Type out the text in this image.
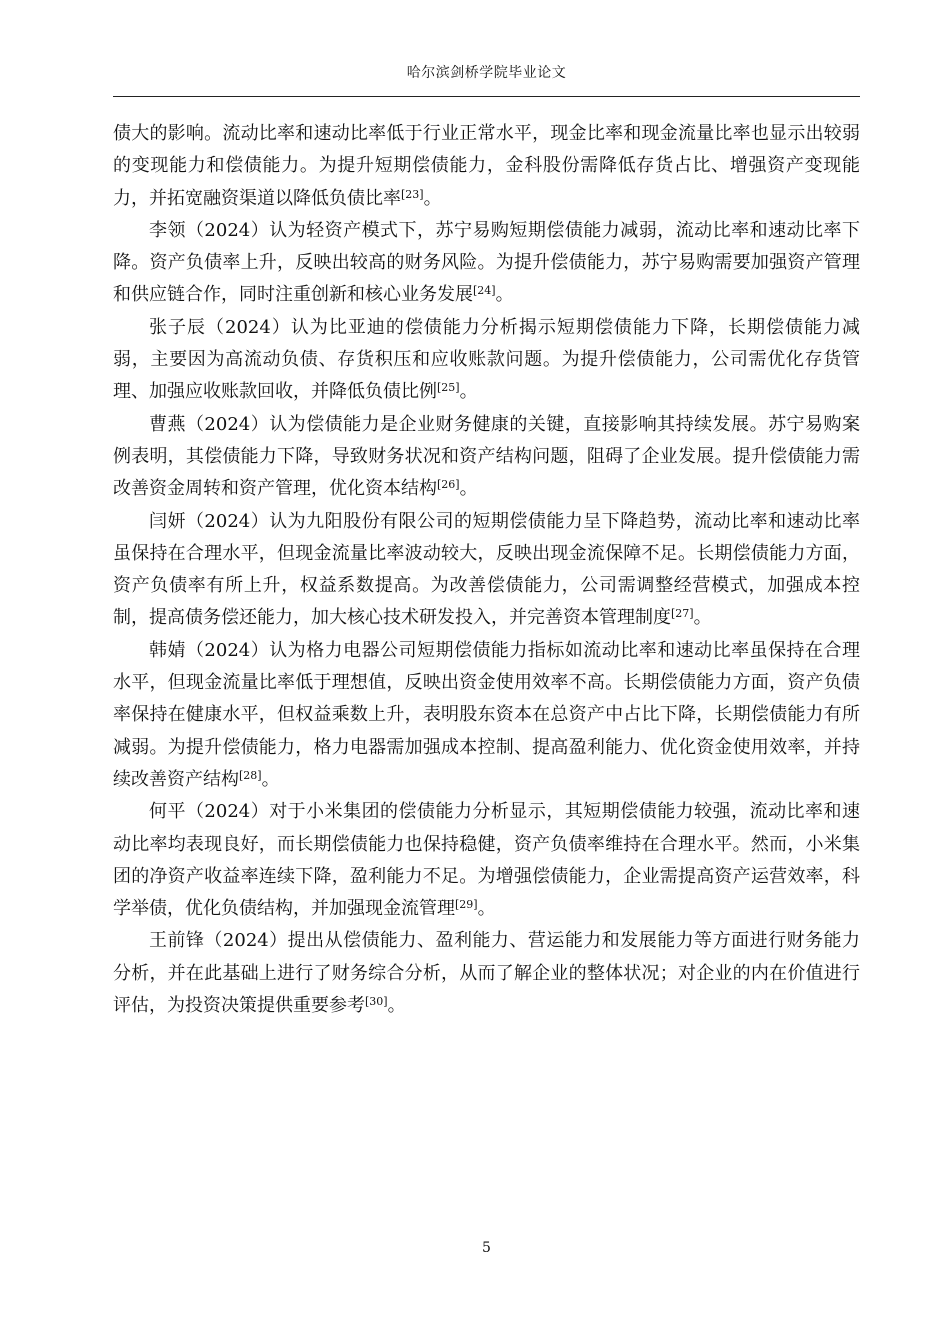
哈尔滨剑桥学院毕业论文

债大的影响。流动比率和速动比率低于行业正常水平，现金比率和现金流量比率也显示出较弱的变现能力和偿债能力。为提升短期偿债能力，金科股份需降低存货占比、增强资产变现能力，并拓宽融资渠道以降低负债比率[23]。

李领（2024）认为轻资产模式下，苏宁易购短期偿债能力减弱，流动比率和速动比率下降。资产负债率上升，反映出较高的财务风险。为提升偿债能力，苏宁易购需要加强资产管理和供应链合作，同时注重创新和核心业务发展[24]。

张子辰（2024）认为比亚迪的偿债能力分析揭示短期偿债能力下降，长期偿债能力减弱，主要因为高流动负债、存货积压和应收账款问题。为提升偿债能力，公司需优化存货管理、加强应收账款回收，并降低负债比例[25]。

曹燕（2024）认为偿债能力是企业财务健康的关键，直接影响其持续发展。苏宁易购案例表明，其偿债能力下降，导致财务状况和资产结构问题，阻碍了企业发展。提升偿债能力需改善资金周转和资产管理，优化资本结构[26]。

闫妍（2024）认为九阳股份有限公司的短期偿债能力呈下降趋势，流动比率和速动比率虽保持在合理水平，但现金流量比率波动较大，反映出现金流保障不足。长期偿债能力方面，资产负债率有所上升，权益系数提高。为改善偿债能力，公司需调整经营模式，加强成本控制，提高债务偿还能力，加大核心技术研发投入，并完善资本管理制度[27]。

韩婧（2024）认为格力电器公司短期偿债能力指标如流动比率和速动比率虽保持在合理水平，但现金流量比率低于理想值，反映出资金使用效率不高。长期偿债能力方面，资产负债率保持在健康水平，但权益乘数上升，表明股东资本在总资产中占比下降，长期偿债能力有所减弱。为提升偿债能力，格力电器需加强成本控制、提高盈利能力、优化资金使用效率，并持续改善资产结构[28]。

何平（2024）对于小米集团的偿债能力分析显示，其短期偿债能力较强，流动比率和速动比率均表现良好，而长期偿债能力也保持稳健，资产负债率维持在合理水平。然而，小米集团的净资产收益率连续下降，盈利能力不足。为增强偿债能力，企业需提高资产运营效率，科学举债，优化负债结构，并加强现金流管理[29]。

王前锋（2024）提出从偿债能力、盈利能力、营运能力和发展能力等方面进行财务能力分析，并在此基础上进行了财务综合分析，从而了解企业的整体状况；对企业的内在价值进行评估，为投资决策提供重要参考[30]。

5
